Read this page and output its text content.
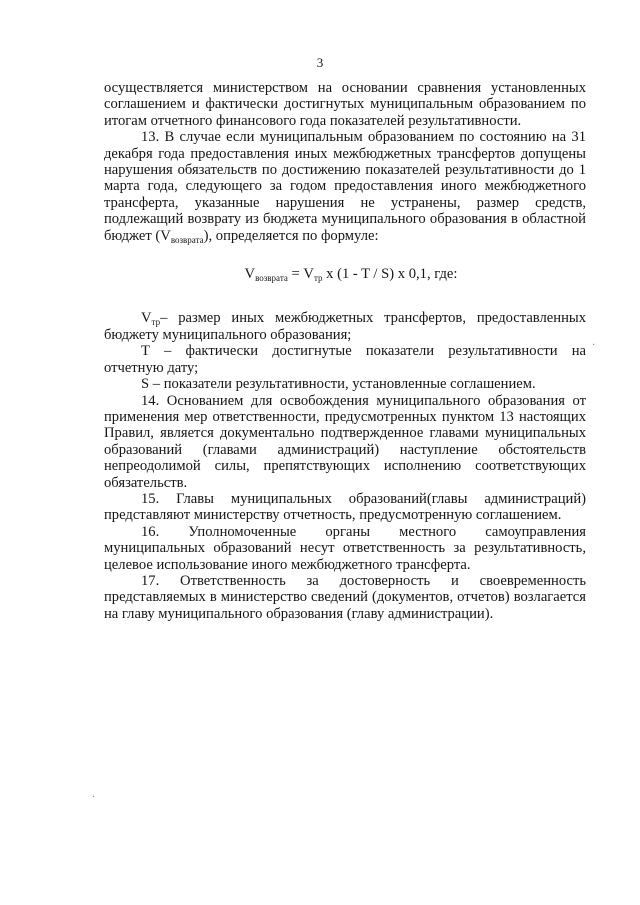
3

осуществляется министерством на основании сравнения установленных соглашением и фактически достигнутых муниципальным образованием по итогам отчетного финансового года показателей результативности.

13. В случае если муниципальным образованием по состоянию на 31 декабря года предоставления иных межбюджетных трансфертов допущены нарушения обязательств по достижению показателей результативности до 1 марта года, следующего за годом предоставления иного межбюджетного трансферта, указанные нарушения не устранены, размер средств, подлежащий возврату из бюджета муниципального образования в областной бюджет $(V_{возврата})$, определяется по формуле:

$V_{возврата} = V_{тр}$ x (1 - T / S) x 0,1, где:

$V_{тр}-$ размер иных межбюджетных трансфертов, предоставленных бюджету муниципального образования;

Т – фактически достигнутые показатели результативности на отчетную дату;

S – показатели результативности, установленные соглашением.

14. Основанием для освобождения муниципального образования от применения мер ответственности, предусмотренных пунктом 13 настоящих Правил, является документально подтвержденное главами муниципальных образований (главами администраций) наступление обстоятельств непреодолимой силы, препятствующих исполнению соответствующих обязательств.

15. Главы муниципальных образований(главы администраций) представляют министерству отчетность, предусмотренную соглашением.

16. Уполномоченные органы местного самоуправления муниципальных образований несут ответственность за результативность, целевое использование иного межбюджетного трансферта.

17. Ответственность за достоверность и своевременность представляемых в министерство сведений (документов, отчетов) возлагается на главу муниципального образования (главу администрации).

·
·
